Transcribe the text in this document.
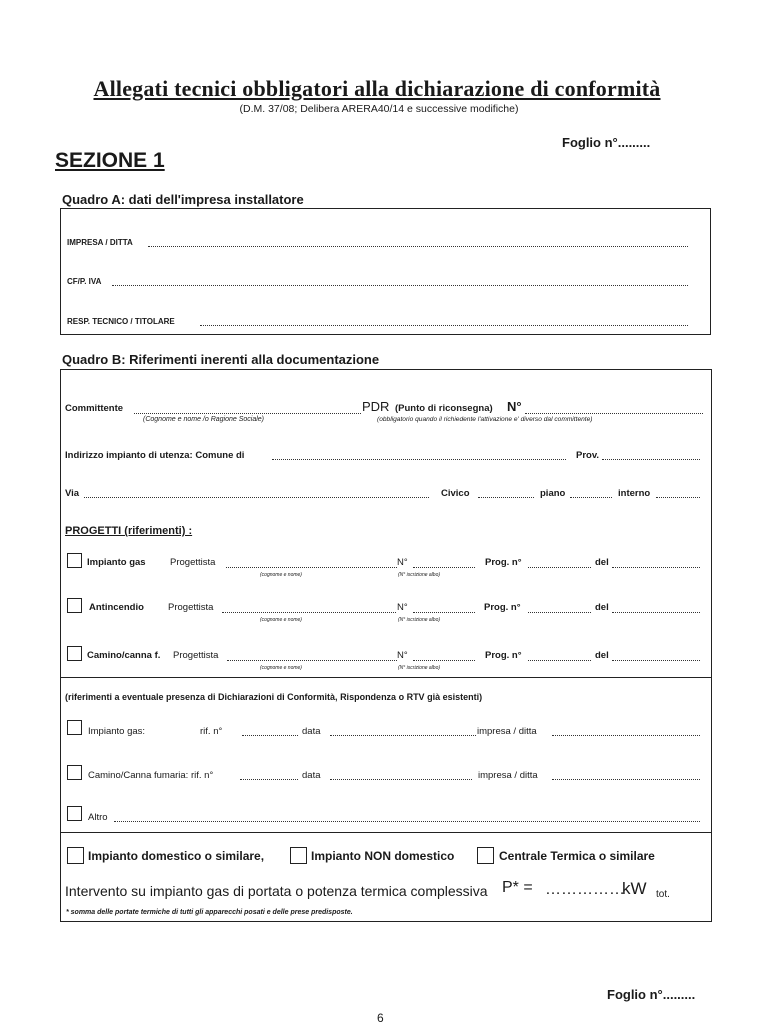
Allegati tecnici obbligatori alla dichiarazione di conformità
(D.M. 37/08; Delibera ARERA40/14 e successive modifiche)
Foglio n°.........
SEZIONE 1
Quadro A: dati dell'impresa installatore
IMPRESA / DITTA
CF/P. IVA
RESP. TECNICO / TITOLARE
Quadro B: Riferimenti inerenti alla documentazione
Committente	PDR (Punto di riconsegna) N°
(Cognome e nome /o Ragione Sociale)	(obbligatorio quando il richiedente l'attivazione e' diverso dal committente)
Indirizzo impianto di utenza: Comune di	Prov.
Via	Civico	piano	interno
PROGETTI (riferimenti) :
Impianto gas	Progettista	N°	Prog. n°	del
(cognome e nome)	(N° iscrizione albo)
Antincendio	Progettista	N°	Prog. n°	del
(cognome e nome)	(N° iscrizione albo)
Camino/canna f. Progettista	N°	Prog. n°	del
(cognome e nome)	(N° iscrizione albo)
(riferimenti a eventuale presenza di Dichiarazioni di Conformità, Rispondenza o RTV già esistenti)
Impianto gas:	rif. n°	data	impresa / ditta
Camino/Canna fumaria: rif. n°	data	impresa / ditta
Altro
Impianto domestico o similare,	Impianto NON domestico	Centrale Termica o similare
Intervento su impianto gas di portata o potenza termica complessiva P* = ……………
kW tot.
* somma delle portate termiche di tutti gli apparecchi posati e delle prese predisposte.
Foglio n°.........
6
